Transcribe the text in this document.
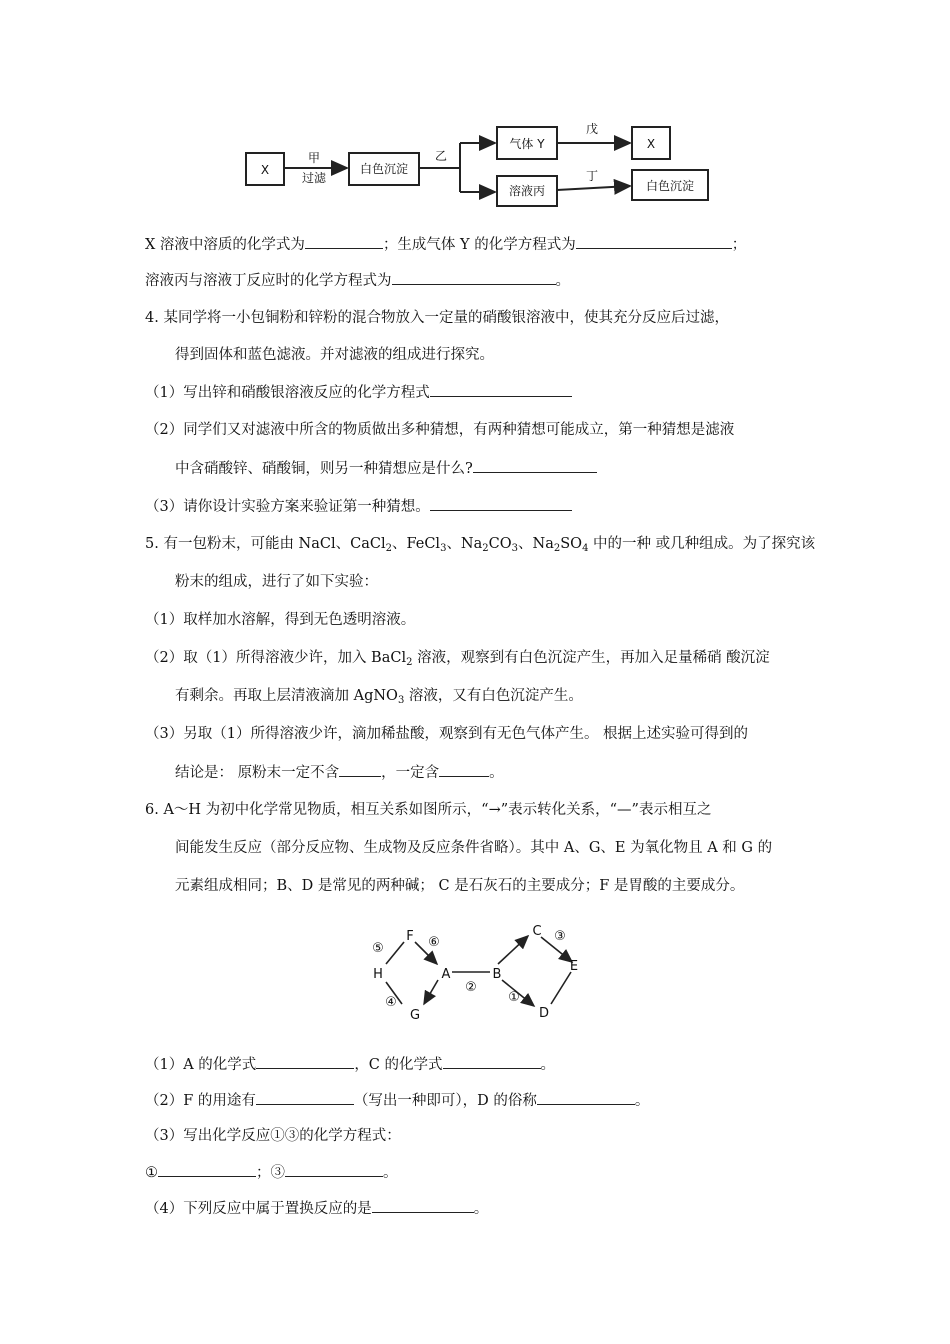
X
甲
过滤
白色沉淀
乙
气体 Y
戊
X
溶液丙
丁
白色沉淀
X 溶液中溶质的化学式为	；生成气体 Y 的化学方程式为	；
溶液丙与溶液丁反应时的化学方程式为	。
4. 某同学将一小包铜粉和锌粉的混合物放入一定量的硝酸银溶液中，使其充分反应后过滤，
得到固体和蓝色滤液。并对滤液的组成进行探究。
（1）写出锌和硝酸银溶液反应的化学方程式
（2）同学们又对滤液中所含的物质做出多种猜想，有两种猜想可能成立，第一种猜想是滤液
中含硝酸锌、硝酸铜，则另一种猜想应是什么?
（3）请你设计实验方案来验证第一种猜想。
5. 有一包粉末，可能由 NaCl、CaCl$_2$、FeCl$_3$、$Na_2CO_3$、$Na_2SO_4$ 中的一种 或几种组成。为了探究该
粉末的组成，进行了如下实验：
（1）取样加水溶解，得到无色透明溶液。
（2）取（1）所得溶液少许，加入 BaCl$_2$ 溶液，观察到有白色沉淀产生，再加入足量稀硝 酸沉淀
有剩余。再取上层清液滴加 AgNO$_3$ 溶液，又有白色沉淀产生。
（3）另取（1）所得溶液少许，滴加稀盐酸，观察到有无色气体产生。 根据上述实验可得到的
结论是： 原粉末一定不含	，一定含	。
6. A～H 为初中化学常见物质，相互关系如图所示，“→”表示转化关系，“—”表示相互之
间能发生反应（部分反应物、生成物及反应条件省略）。其中 A、G、E 为氧化物且 A 和 G 的
元素组成相同；B、D 是常见的两种碱； C 是石灰石的主要成分；F 是胃酸的主要成分。
F
H	A
G
B
C
E
D
⑤	⑥
④
②
③
①
（1）A 的化学式	，C 的化学式	。
（2）F 的用途有	（写出一种即可），D 的俗称	。
（3）写出化学反应①③的化学方程式：
①	；③	。
（4）下列反应中属于置换反应的是	。
